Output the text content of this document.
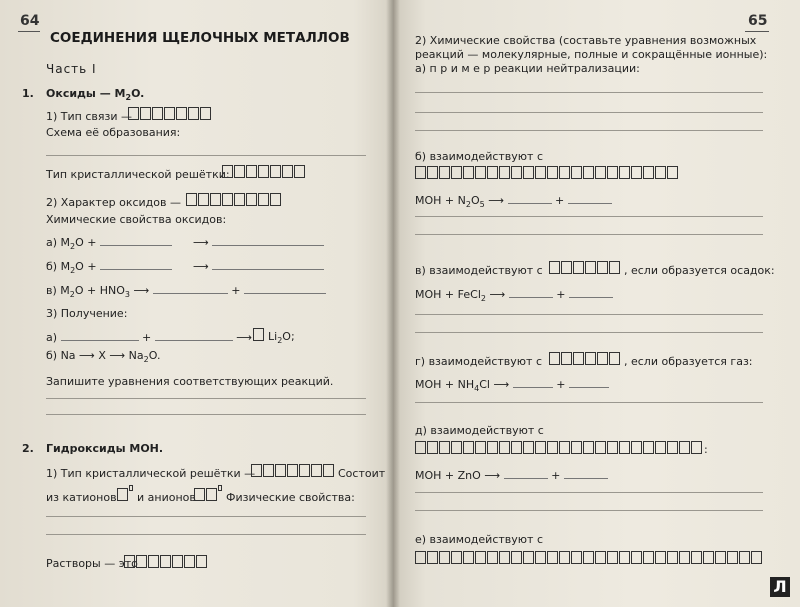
64
СОЕДИНЕНИЯ ЩЕЛОЧНЫХ МЕТАЛЛОВ
Часть I
1. Оксиды — $M_2O$.
1) Тип связи —
Схема её образования:
Тип кристаллической решётки:
2) Характер оксидов —
Химические свойства оксидов:
а) $M_2O$ +	⟶
б) $M_2O$ +	⟶
в) $M_2O + HNO_3$ ⟶	+
3) Получение:
а)	+	⟶ $Li_2O$;
б) Na ⟶ X ⟶ $Na_2O$.
Запишите уравнения соответствующих реакций.
2. Гидроксиды MOH.
1) Тип кристаллической решётки —	Состоит
из катионов и анионов	Физические свойства:
Растворы — это
65
2) Химические свойства (составьте уравнения возможных
реакций — молекулярные, полные и сокращённые ионные):
а) п р и м е р реакции нейтрализации:
б) взаимодействуют с
MOH + $N_2O_5$ ⟶	+
в) взаимодействуют с	, если образуется осадок:
MOH + FeCl$_2$ ⟶	+
г) взаимодействуют с	, если образуется газ:
MOH + $NH_4Cl$ ⟶	+
д) взаимодействуют с
:
MOH + ZnO ⟶	+
е) взаимодействуют с
Л
